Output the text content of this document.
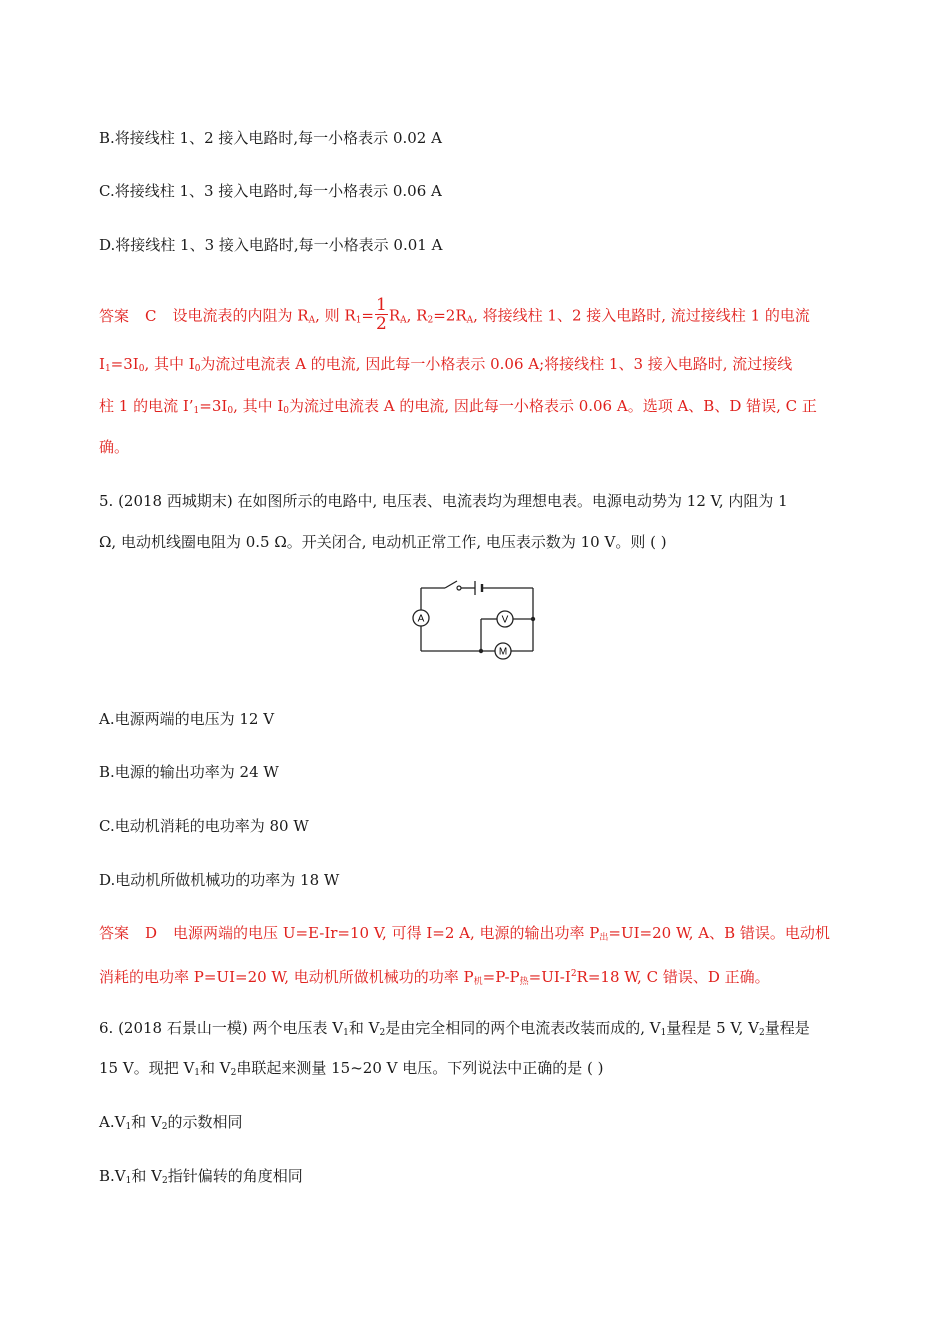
B.将接线柱 1、2 接入电路时,每一小格表示 0.02 A
C.将接线柱 1、3 接入电路时,每一小格表示 0.06 A
D.将接线柱 1、3 接入电路时,每一小格表示 0.01 A
答案 C 设电流表的内阻为 $R_A$, 则 $R_1= \frac{1}{2} R_A$, $R_2=2R_A$, 将接线柱 1、2 接入电路时, 流过接线柱 1 的电流
$I_1=3I_0$, 其中 $I_0$为流过电流表 A 的电流, 因此每一小格表示 0.06 A;将接线柱 1、3 接入电路时, 流过接线
柱 1 的电流 $I’_1=3I_0$, 其中 $I_0$为流过电流表 A 的电流, 因此每一小格表示 0.06 A。选项 A、B、D 错误, C 正
确。
5. (2018 西城期末) 在如图所示的电路中, 电压表、电流表均为理想电表。电源电动势为 12 V, 内阻为 1
Ω, 电动机线圈电阻为 0.5 Ω。开关闭合, 电动机正常工作, 电压表示数为 10 V。则 ( )
A	V
M
A.电源两端的电压为 12 V
B.电源的输出功率为 24 W
C.电动机消耗的电功率为 80 W
D.电动机所做机械功的功率为 18 W
答案 D 电源两端的电压 U=E-Ir=10 V, 可得 I=2 A, 电源的输出功率 $P_出=UI=20$ W, A、B 错误。电动机
消耗的电功率 P=UI=20 W, 电动机所做机械功的功率 $P_机=P-P_热=UI-I^2R=18$ W, C 错误、D 正确。
6. (2018 石景山一模) 两个电压表 $V_1$和 $V_2$是由完全相同的两个电流表改装而成的, $V_1$量程是 5 V, $V_2$量程是
15 V。现把 $V_1$和 $V_2$串联起来测量 15~20 V 电压。下列说法中正确的是 ( )
$A.V_1$和 $V_2$的示数相同
$B.V_1$和 $V_2$指针偏转的角度相同
